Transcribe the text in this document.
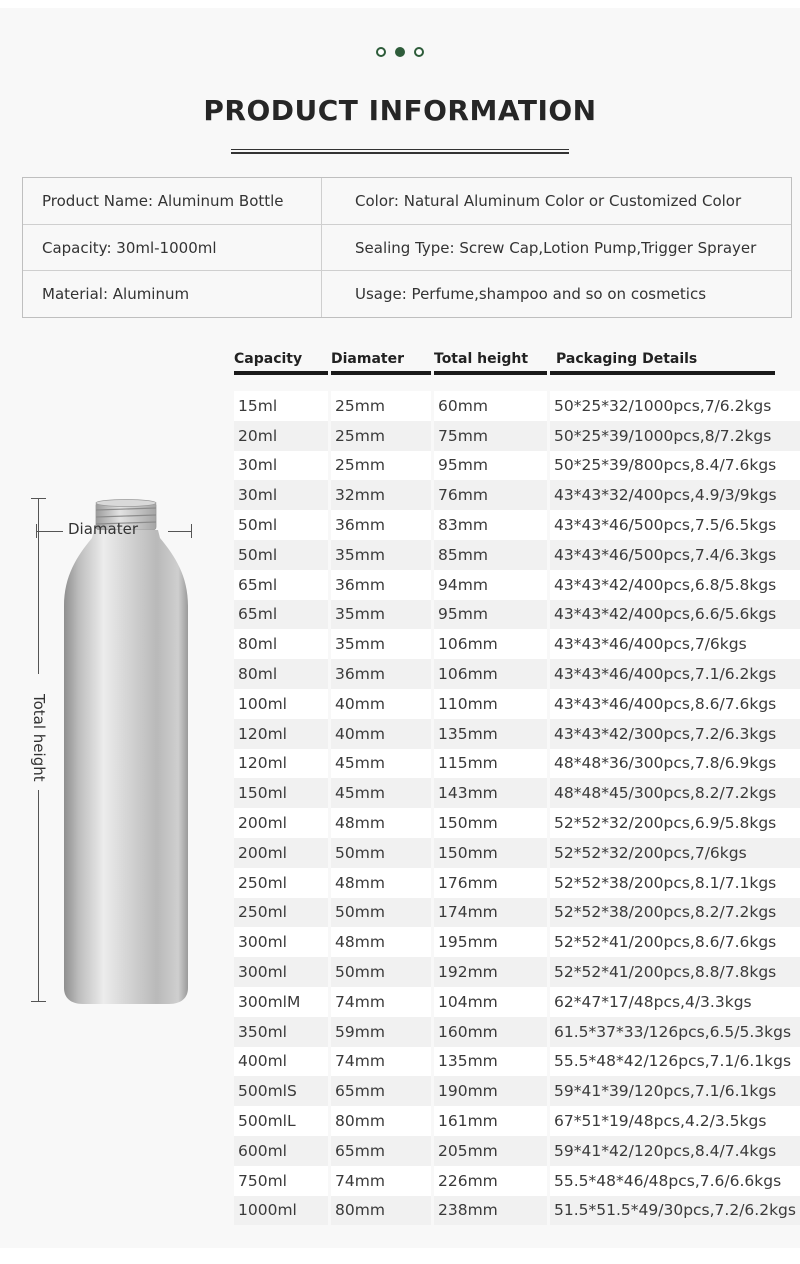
PRODUCT INFORMATION
Product Name: Aluminum Bottle	Color: Natural Aluminum Color or Customized Color
Capacity: 30ml-1000ml	Sealing Type: Screw Cap,Lotion Pump,Trigger Sprayer
Material: Aluminum	Usage: Perfume,shampoo and so on cosmetics
Total height
Diamater
Capacity	Diamater	Total height	Packaging Details
15ml	25mm	60mm	50*25*32/1000pcs,7/6.2kgs
20ml	25mm	75mm	50*25*39/1000pcs,8/7.2kgs
30ml	25mm	95mm	50*25*39/800pcs,8.4/7.6kgs
30ml	32mm	76mm	43*43*32/400pcs,4.9/3/9kgs
50ml	36mm	83mm	43*43*46/500pcs,7.5/6.5kgs
50ml	35mm	85mm	43*43*46/500pcs,7.4/6.3kgs
65ml	36mm	94mm	43*43*42/400pcs,6.8/5.8kgs
65ml	35mm	95mm	43*43*42/400pcs,6.6/5.6kgs
80ml	35mm	106mm	43*43*46/400pcs,7/6kgs
80ml	36mm	106mm	43*43*46/400pcs,7.1/6.2kgs
100ml	40mm	110mm	43*43*46/400pcs,8.6/7.6kgs
120ml	40mm	135mm	43*43*42/300pcs,7.2/6.3kgs
120ml	45mm	115mm	48*48*36/300pcs,7.8/6.9kgs
150ml	45mm	143mm	48*48*45/300pcs,8.2/7.2kgs
200ml	48mm	150mm	52*52*32/200pcs,6.9/5.8kgs
200ml	50mm	150mm	52*52*32/200pcs,7/6kgs
250ml	48mm	176mm	52*52*38/200pcs,8.1/7.1kgs
250ml	50mm	174mm	52*52*38/200pcs,8.2/7.2kgs
300ml	48mm	195mm	52*52*41/200pcs,8.6/7.6kgs
300ml	50mm	192mm	52*52*41/200pcs,8.8/7.8kgs
300mlM	74mm	104mm	62*47*17/48pcs,4/3.3kgs
350ml	59mm	160mm	61.5*37*33/126pcs,6.5/5.3kgs
400ml	74mm	135mm	55.5*48*42/126pcs,7.1/6.1kgs
500mlS	65mm	190mm	59*41*39/120pcs,7.1/6.1kgs
500mlL	80mm	161mm	67*51*19/48pcs,4.2/3.5kgs
600ml	65mm	205mm	59*41*42/120pcs,8.4/7.4kgs
750ml	74mm	226mm	55.5*48*46/48pcs,7.6/6.6kgs
1000ml	80mm	238mm	51.5*51.5*49/30pcs,7.2/6.2kgs
